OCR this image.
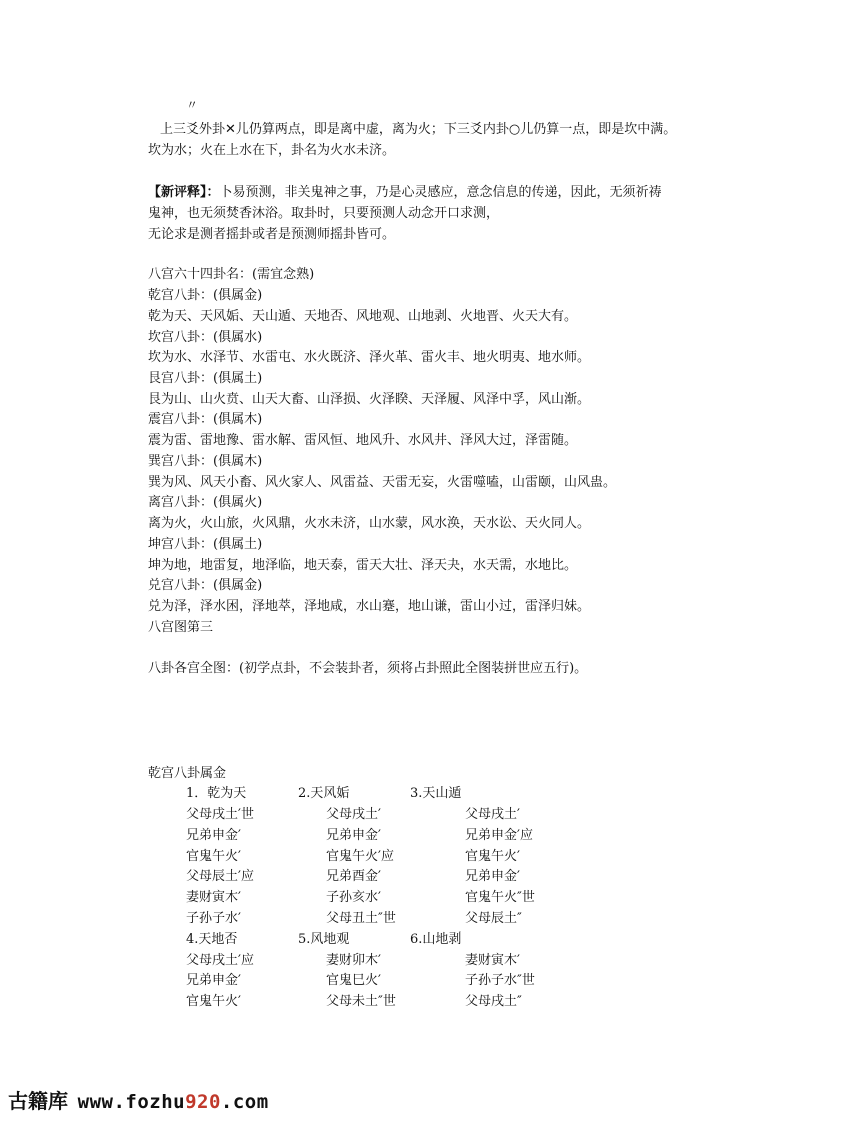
〃
上三爻外卦✕儿仍算两点，即是离中虚，离为火；下三爻内卦○儿仍算一点，即是坎中满。
坎为水；火在上水在下，卦名为火水未济。
【新评释】：卜易预测，非关鬼神之事，乃是心灵感应，意念信息的传递，因此，无须祈祷
鬼神，也无须焚香沐浴。取卦时，只要预测人动念开口求测，
无论求是测者摇卦或者是预测师摇卦皆可。
八宫六十四卦名：(需宜念熟)
乾宫八卦：(俱属金)
乾为天、天风姤、天山遁、天地否、风地观、山地剥、火地晋、火天大有。
坎宫八卦：(俱属水)
坎为水、水泽节、水雷屯、水火既济、泽火革、雷火丰、地火明夷、地水师。
艮宫八卦：(俱属土)
艮为山、山火贲、山天大畜、山泽损、火泽睽、天泽履、风泽中孚，风山渐。
震宫八卦：(俱属木)
震为雷、雷地豫、雷水解、雷风恒、地风升、水风井、泽风大过，泽雷随。
巽宫八卦：(俱属木)
巽为风、风天小畜、风火家人、风雷益、天雷无妄，火雷噬嗑，山雷颐，山风蛊。
离宫八卦：(俱属火)
离为火，火山旅，火风鼎，火水未济，山水蒙，风水涣，天水讼、天火同人。
坤宫八卦：(俱属土)
坤为地，地雷复，地泽临，地天泰，雷天大壮、泽天夬，水天需，水地比。
兑宫八卦：(俱属金)
兑为泽，泽水困，泽地萃，泽地咸，水山蹇，地山谦，雷山小过，雷泽归妹。
八宫图第三
八卦各宫全图：(初学点卦，不会装卦者，须将占卦照此全图装拼世应五行)。
乾宫八卦属金
1．乾为天	2.天风姤	3.天山遁
父母戌土′世	父母戌土′	父母戌土′
兄弟申金′	兄弟申金′	兄弟申金′应
官鬼午火′	官鬼午火′应	官鬼午火′
父母辰土′应	兄弟酉金′	兄弟申金′
妻财寅木′	子孙亥水′	官鬼午火″世
子孙子水′	父母丑土″世	父母辰土″
4.天地否	5.风地观	6.山地剥
父母戌土′应	妻财卯木′	妻财寅木′
兄弟申金′	官鬼巳火′	子孙子水″世
官鬼午火′	父母未土″世	父母戌土″
古籍库 www.fozhu920.com
